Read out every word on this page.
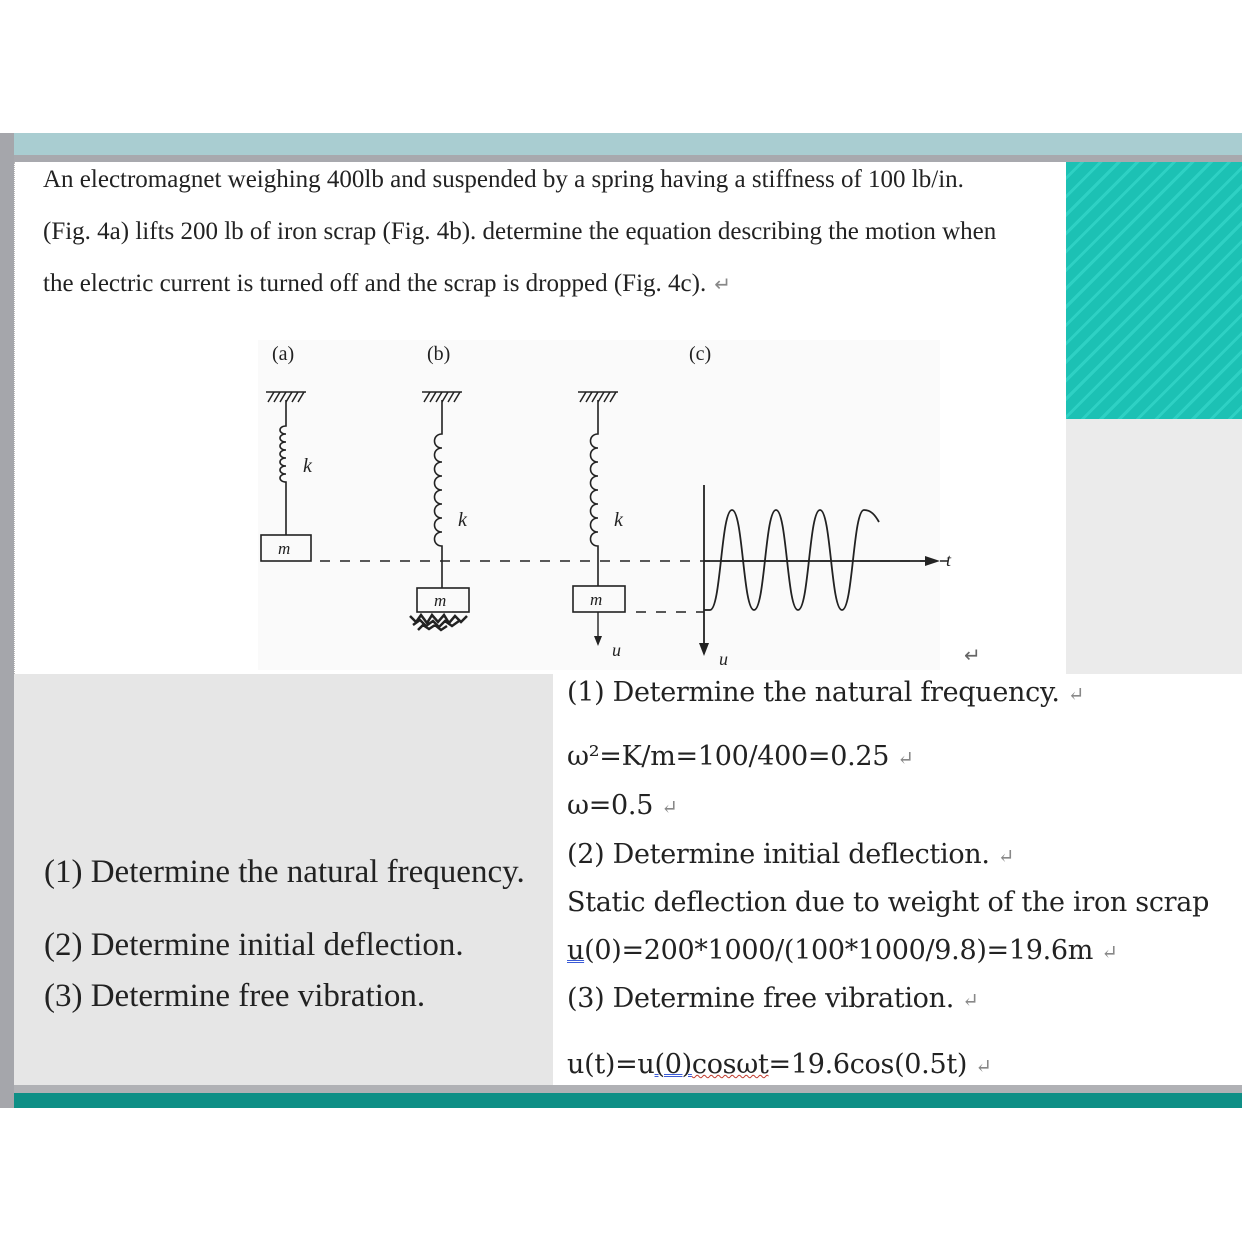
An electromagnet weighing 400lb and suspended by a spring having a stiffness of 100 lb/in.
(Fig. 4a) lifts 200 lb of iron scrap (Fig. 4b). determine the equation describing the motion when
the electric current is turned off and the scrap is dropped (Fig. 4c). ↵
(a)	(b)	(c)
k
m
k
m
k
m
u	u
t
↵
(1) Determine the natural frequency.
(2) Determine initial deflection.
(3) Determine free vibration.
(1) Determine the natural frequency. ↵
ω²=K/m=100/400=0.25 ↵
ω=0.5 ↵
(2) Determine initial deflection. ↵
Static deflection due to weight of the iron scrap
u(0)=200*1000/(100*1000/9.8)=19.6m ↵
(3) Determine free vibration. ↵
u(t)=u(0)cosωt=19.6cos(0.5t) ↵
